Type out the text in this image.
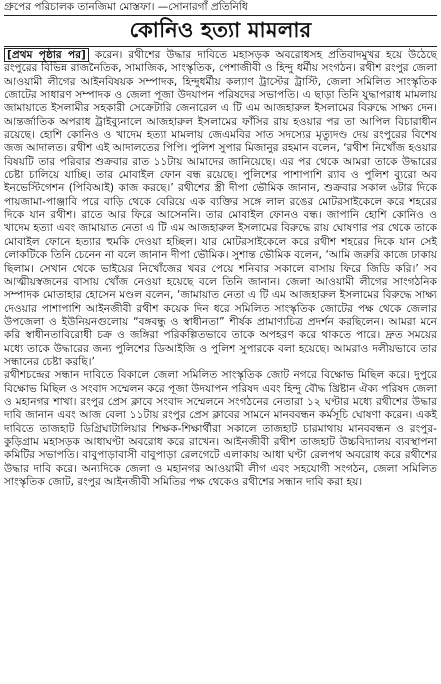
গ্রুপের পরিচালক তানজিমা মোস্তফা। —সোনারগাঁ প্রতিনিধি
কোনিও হত্যা মামলার

[প্রথম পৃষ্ঠার পর] করেন। রথীশের উদ্ধার দাবিতে মহাসড়ক অবরোধসহ প্রতিবাদমুখর হয়ে উঠেছে রংপুরের বিভিন্ন রাজনৈতিক, সামাজিক, সাংস্কৃতিক, পেশাজীবী ও হিন্দু ধর্মীয় সংগঠন। রথীশ রংপুর জেলা আওয়ামী লীগের আইনবিষয়ক সম্পাদক, হিন্দুধর্মীয় কল্যাণ ট্রাস্টের ট্রাস্টি, জেলা সমিলিত সাংস্কৃতিক জোটের সাধারণ সম্পাদক ও জেলা পূজা উদযাপন পরিষদের সভাপতি। এ ছাড়া তিনি যুদ্ধাপরাধ মামলায় জামায়াতে ইসলামীর সহকারী সেক্রেটারি জেনারেল এ টি এম আজহারুল ইসলামের বিরুদ্ধে সাক্ষ্য দেন। আন্তর্জাতিক অপরাধ ট্রাইব্যুনালে আজহারুল ইসলামের ফাঁসির রায় হওয়ার পর তা আপিল বিচারাধীন রয়েছে। হোশি কোনিও ও খাদেম হত্যা মামলায় জেএমবির সাত সদস্যের মৃত্যুদণ্ড দেয় রংপুরের বিশেষ জজ আদালত। রথীশ এই আদালতের পিপি। পুলিশ সুপার মিজানুর রহমান বলেন, ‘রথীশ নিখোঁজ হওয়ার বিষয়টি তার পরিবার শুক্রবার রাত ১১টায় আমাদের জানিয়েছে। এর পর থেকে আমরা তাকে উদ্ধারের চেষ্টা চালিয়ে যাচ্ছি। তার মোবাইল ফোন বন্ধ রয়েছে। পুলিশের পাশাপাশি র‍্যাব ও পুলিশ ব্যুরো অব ইনভেস্টিগেশন (পিবিআই) কাজ করছে।’ রথীশের স্ত্রী দীপা ভৌমিক জানান, শুক্রবার সকাল ৬টার দিকে পায়জামা-পাঞ্জাবি পরে বাড়ি থেকে বেরিয়ে এক ব্যক্তির সঙ্গে লাল রঙের মোটরসাইকেলে করে শহরের দিকে যান রথীশ। রাতে আর ফিরে আসেননি। তার মোবাইল ফোনও বন্ধ। জাপানি হোশি কোনিও ও খাদেম হত্যা এবং জামায়াত নেতা এ টি এম আজহারুল ইসলামের বিরুদ্ধে রায় ঘোষণার পর থেকে তাকে মোবাইল ফোনে হত্যার হুমকি দেওয়া হচ্ছিল। যার মোটরসাইকেলে করে রথীশ শহরের দিকে যান সেই লোকটিকে তিনি চেনেন না বলে জানান দীপা ভৌমিক। সুশান্ত ভৌমিক বলেন, ‘আমি জরুরি কাজে ঢাকায় ছিলাম। সেখান থেকে ভাইয়ের নিখোঁজের খবর পেয়ে শনিবার সকালে বাসায় ফিরে জিডি করি।’ সব আত্মীয়স্বজনের বাসায় খোঁজ নেওয়া হয়েছে বলে তিনি জানান। জেলা আওয়ামী লীগের সাংগঠনিক সম্পাদক মোতাহার হোসেন মণ্ডল বলেন, ‘জামায়াত নেতা এ টি এম আজহারুল ইসলামের বিরুদ্ধে সাক্ষ্য দেওয়ার পাশাপাশি আইনজীবী রথীশ কয়েক দিন ধরে সমিলিত সাংস্কৃতিক জোটের পক্ষ থেকে জেলার উপজেলা ও ইউনিয়নগুলোয় “বঙ্গবন্ধু ও স্বাধীনতা” শীর্ষক প্রামাণ্যচিত্র প্রদর্শন করছিলেন। আমরা মনে করি স্বাধীনতাবিরোধী চক্র ও জঙ্গিরা পরিকল্পিতভাবে তাকে অপহরণ করে থাকতে পারে। দ্রুত সময়ের মধ্যে তাকে উদ্ধারের জন্য পুলিশের ডিআইজি ও পুলিশ সুপারকে বলা হয়েছে। আমরাও দলীয়ভাবে তার সন্ধানের চেষ্টা করছি।’

রথীশচন্দ্রের সন্ধান দাবিতে বিকালে জেলা সমিলিত সাংস্কৃতিক জোট নগরে বিক্ষোভ মিছিল করে। দুপুরে বিক্ষোভ মিছিল ও সংবাদ সম্মেলন করে পূজা উদযাপন পরিষদ এবং হিন্দু বৌদ্ধ খ্রিষ্টান ঐক্য পরিষদ জেলা ও মহানগর শাখা। রংপুর প্রেস ক্লাবে সংবাদ সম্মেলনে সংগঠনের নেতারা ১২ ঘণ্টার মধ্যে রথীশের উদ্ধার দাবি জানান এবং আজ বেলা ১১টায় রংপুর প্রেস ক্লাবের সামনে মানববন্ধন কর্মসূচি ঘোষণা করেন। একই দাবিতে তাজহাট ডিগ্রিঘাটালিয়ার শিক্ষক-শিক্ষার্থীরা সকালে তাজহাট চারমাথায় মানববন্ধন ও রংপুর-কুড়িগ্রাম মহাসড়ক আধাঘণ্টা অবরোধ করে রাখেন। আইনজীবী রথীশ তাজহাট উচ্চবিদ্যালয় ব্যবস্থাপনা কমিটির সভাপতি। বাবুপাড়াবাসী বাবুপাড়া রেলগেটে এলাকায় আধা ঘণ্টা রেলপথ অবরোধ করে রথীশের উদ্ধার দাবি করে। অন্যদিকে জেলা ও মহানগর আওয়ামী লীগ এবং সহযোগী সংগঠন, জেলা সমিলিত সাংস্কৃতিক জোট, রংপুর আইনজীবী সমিতির পক্ষ থেকেও রথীশের সন্ধান দাবি করা হয়।
